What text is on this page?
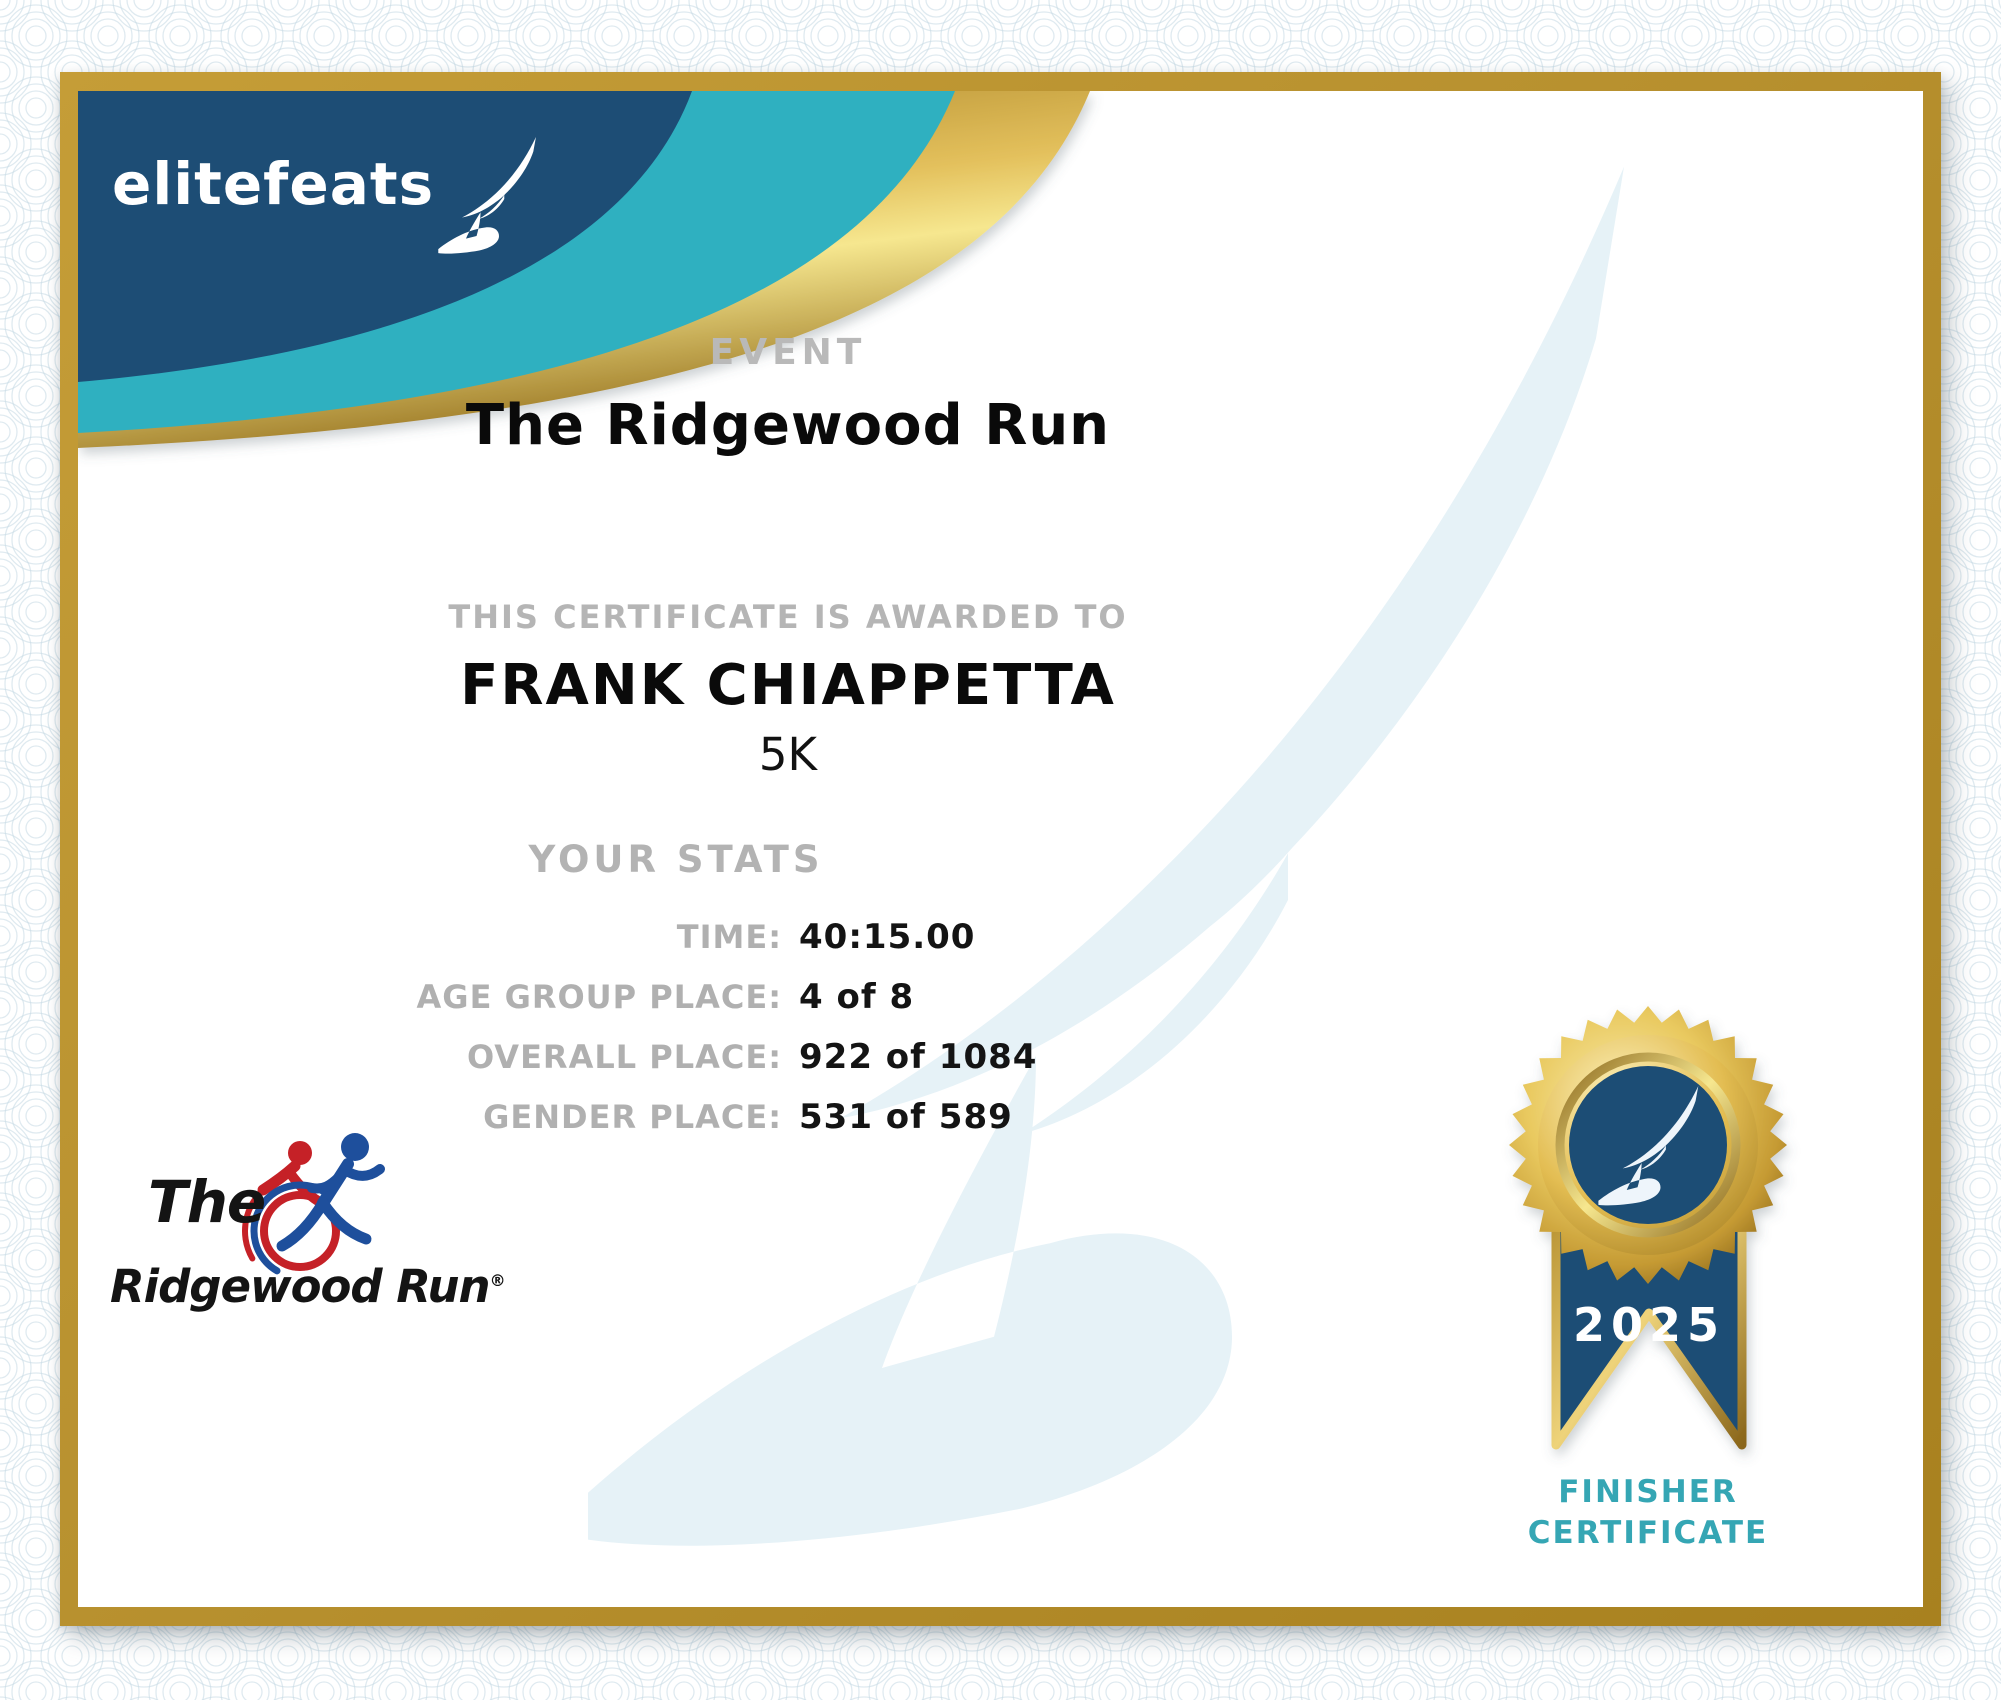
2025
elitefeats
EVENT
The Ridgewood Run
THIS CERTIFICATE IS AWARDED TO
FRANK CHIAPPETTA
5K
YOUR STATS
TIME: 40:15.00
AGE GROUP PLACE: 4 of 8
OVERALL PLACE: 922 of 1084
GENDER PLACE: 531 of 589
The
Ridgewood Run®
FINISHER
CERTIFICATE
